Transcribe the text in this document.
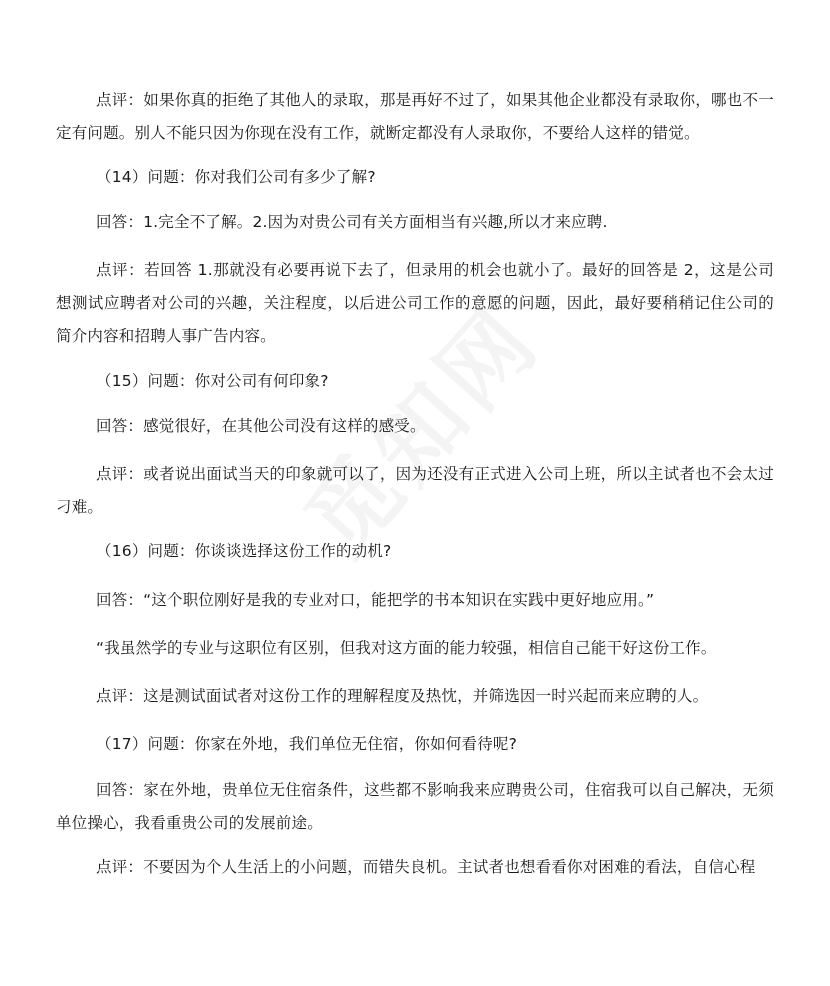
点评：如果你真的拒绝了其他人的录取，那是再好不过了，如果其他企业都没有录取你，哪也不一定有问题。别人不能只因为你现在没有工作，就断定都没有人录取你，不要给人这样的错觉。

（14）问题：你对我们公司有多少了解?

回答：1.完全不了解。2.因为对贵公司有关方面相当有兴趣,所以才来应聘.

点评：若回答 1.那就没有必要再说下去了，但录用的机会也就小了。最好的回答是 2，这是公司想测试应聘者对公司的兴趣，关注程度，以后进公司工作的意愿的问题，因此，最好要稍稍记住公司的简介内容和招聘人事广告内容。

（15）问题：你对公司有何印象?

回答：感觉很好，在其他公司没有这样的感受。

点评：或者说出面试当天的印象就可以了，因为还没有正式进入公司上班，所以主试者也不会太过刁难。

（16）问题：你谈谈选择这份工作的动机?

回答：“这个职位刚好是我的专业对口，能把学的书本知识在实践中更好地应用。”

“我虽然学的专业与这职位有区别，但我对这方面的能力较强，相信自己能干好这份工作。

点评：这是测试面试者对这份工作的理解程度及热忱，并筛选因一时兴起而来应聘的人。

（17）问题：你家在外地，我们单位无住宿，你如何看待呢?

回答：家在外地，贵单位无住宿条件，这些都不影响我来应聘贵公司，住宿我可以自己解决，无须单位操心，我看重贵公司的发展前途。

点评：不要因为个人生活上的小问题，而错失良机。主试者也想看看你对困难的看法，自信心程
